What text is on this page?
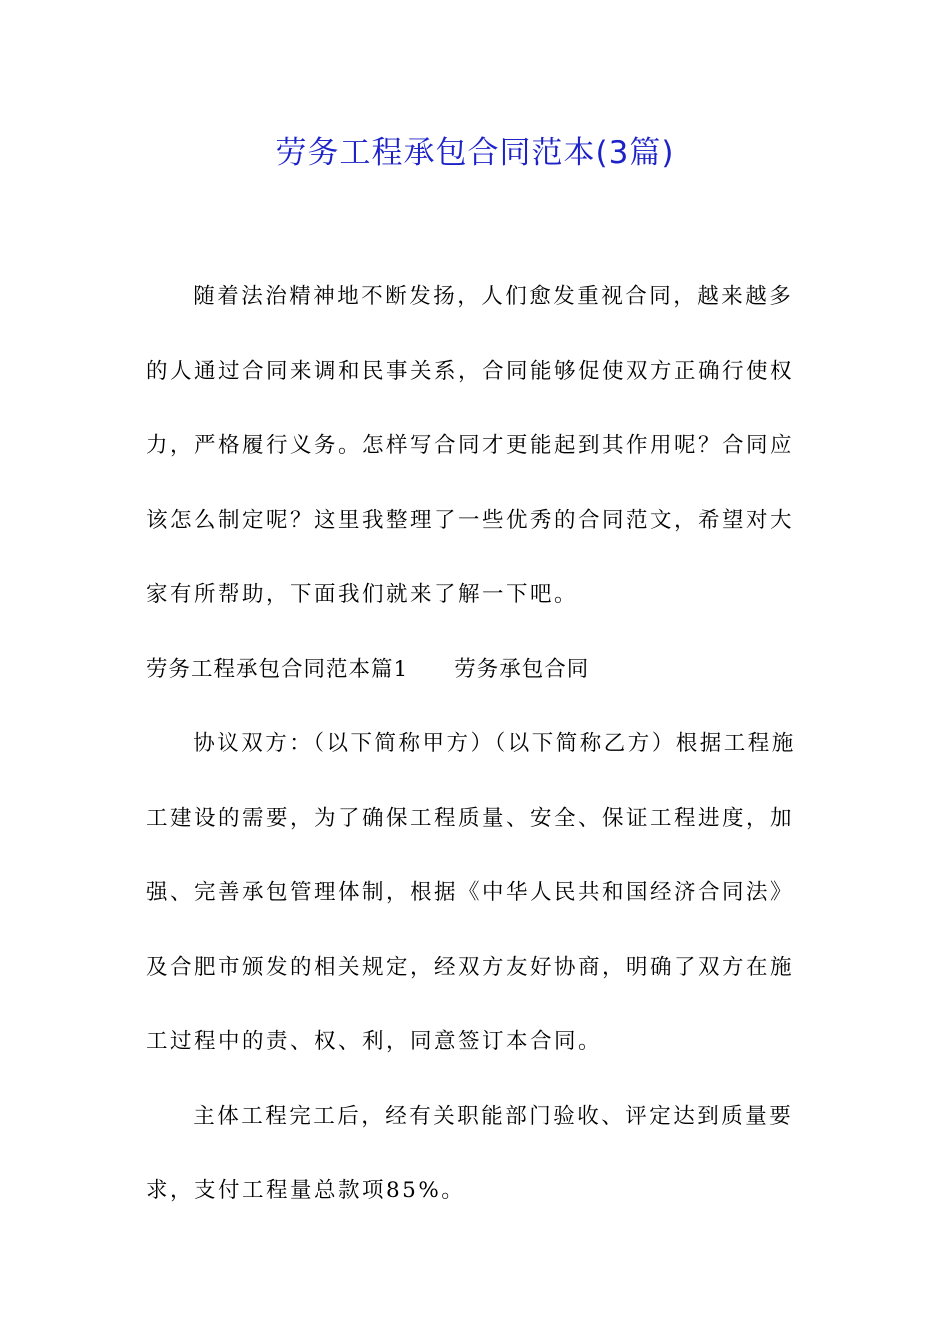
劳务工程承包合同范本(3篇)

随着法治精神地不断发扬，人们愈发重视合同，越来越多的人通过合同来调和民事关系，合同能够促使双方正确行使权力，严格履行义务。怎样写合同才更能起到其作用呢？合同应该怎么制定呢？这里我整理了一些优秀的合同范文，希望对大家有所帮助，下面我们就来了解一下吧。

劳务工程承包合同范本篇1 劳务承包合同

协议双方：（以下简称甲方）（以下简称乙方）根据工程施工建设的需要，为了确保工程质量、安全、保证工程进度，加强、完善承包管理体制，根据《中华人民共和国经济合同法》及合肥市颁发的相关规定，经双方友好协商，明确了双方在施工过程中的责、权、利，同意签订本合同。

主体工程完工后，经有关职能部门验收、评定达到质量要求，支付工程量总款项85%。
